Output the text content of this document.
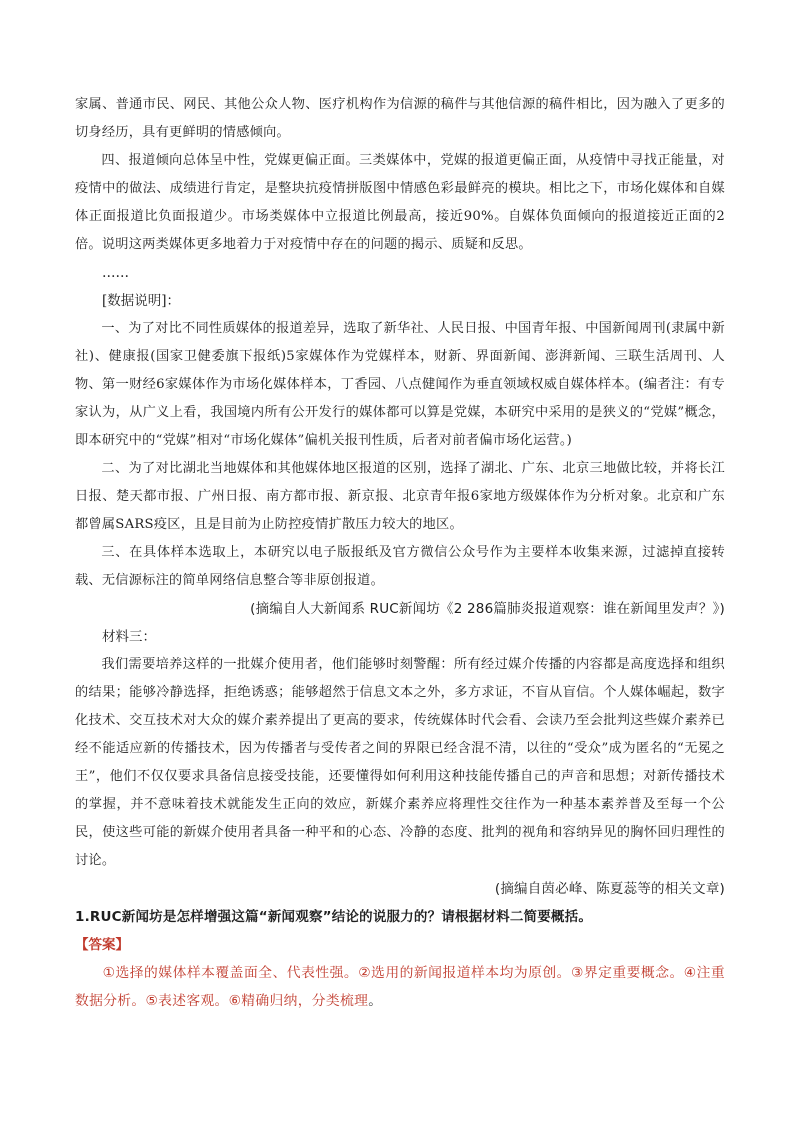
家属、普通市民、网民、其他公众人物、医疗机构作为信源的稿件与其他信源的稿件相比，因为融入了更多的切身经历，具有更鲜明的情感倾向。

四、报道倾向总体呈中性，党媒更偏正面。三类媒体中，党媒的报道更偏正面，从疫情中寻找正能量，对疫情中的做法、成绩进行肯定，是整块抗疫情拼版图中情感色彩最鲜亮的模块。相比之下，市场化媒体和自媒体正面报道比负面报道少。市场类媒体中立报道比例最高，接近90%。自媒体负面倾向的报道接近正面的2倍。说明这两类媒体更多地着力于对疫情中存在的问题的揭示、质疑和反思。

……

[数据说明]：

一、为了对比不同性质媒体的报道差异，选取了新华社、人民日报、中国青年报、中国新闻周刊(隶属中新社)、健康报(国家卫健委旗下报纸)5家媒体作为党媒样本，财新、界面新闻、澎湃新闻、三联生活周刊、人物、第一财经6家媒体作为市场化媒体样本，丁香园、八点健闻作为垂直领域权威自媒体样本。(编者注：有专家认为，从广义上看，我国境内所有公开发行的媒体都可以算是党媒，本研究中采用的是狭义的“党媒”概念，即本研究中的“党媒”相对“市场化媒体”偏机关报刊性质，后者对前者偏市场化运营。)

二、为了对比湖北当地媒体和其他媒体地区报道的区别，选择了湖北、广东、北京三地做比较，并将长江日报、楚天都市报、广州日报、南方都市报、新京报、北京青年报6家地方级媒体作为分析对象。北京和广东都曾属SARS疫区，且是目前为止防控疫情扩散压力较大的地区。

三、在具体样本选取上，本研究以电子版报纸及官方微信公众号作为主要样本收集来源，过滤掉直接转载、无信源标注的简单网络信息整合等非原创报道。

(摘编自人大新闻系 RUC新闻坊《2 286篇肺炎报道观察：谁在新闻里发声？》)

材料三：

我们需要培养这样的一批媒介使用者，他们能够时刻警醒：所有经过媒介传播的内容都是高度选择和组织的结果；能够冷静选择，拒绝诱惑；能够超然于信息文本之外，多方求证，不盲从盲信。个人媒体崛起，数字化技术、交互技术对大众的媒介素养提出了更高的要求，传统媒体时代会看、会读乃至会批判这些媒介素养已经不能适应新的传播技术，因为传播者与受传者之间的界限已经含混不清，以往的“受众”成为匿名的“无冕之王”，他们不仅仅要求具备信息接受技能，还要懂得如何利用这种技能传播自己的声音和思想；对新传播技术的掌握，并不意味着技术就能发生正向的效应，新媒介素养应将理性交往作为一种基本素养普及至每一个公民，使这些可能的新媒介使用者具备一种平和的心态、冷静的态度、批判的视角和容纳异见的胸怀回归理性的讨论。

(摘编自茵必峰、陈夏蕊等的相关文章)

1.RUC新闻坊是怎样增强这篇“新闻观察”结论的说服力的？请根据材料二简要概括。

【答案】

①选择的媒体样本覆盖面全、代表性强。②选用的新闻报道样本均为原创。③界定重要概念。④注重数据分析。⑤表述客观。⑥精确归纳，分类梳理。
